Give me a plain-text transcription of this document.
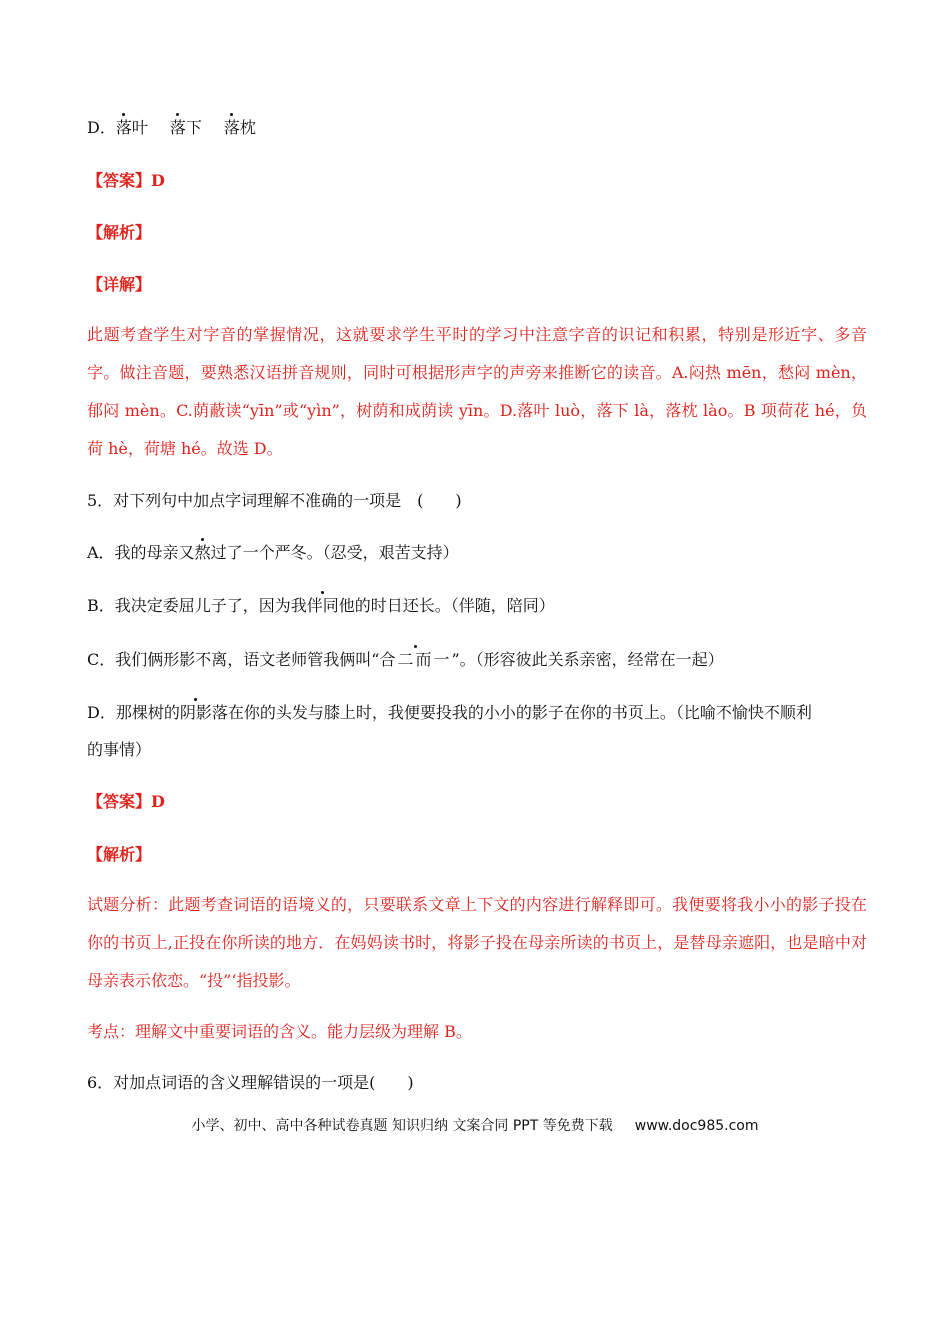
D．落叶 落下 落枕
【答案】D
【解析】
【详解】
此题考查学生对字音的掌握情况，这就要求学生平时的学习中注意字音的识记和积累，特别是形近字、多音字。做注音题，要熟悉汉语拼音规则，同时可根据形声字的声旁来推断它的读音。A.闷热 mēn，愁闷 mèn，郁闷 mèn。C.荫蔽读“yīn”或“yìn”，树荫和成荫读 yīn。D.落叶 luò，落下 là，落枕 lào。B 项荷花 hé，负荷 hè，荷塘 hé。故选 D。
5．对下列句中加点字词理解不准确的一项是　(　　)
A．我的母亲又熬过了一个严冬。（忍受，艰苦支持）
B．我决定委屈儿子了，因为我伴同他的时日还长。（伴随，陪同）
C．我们俩形影不离，语文老师管我俩叫“合二而一”。（形容彼此关系亲密，经常在一起）
D．那棵树的阴影落在你的头发与膝上时，我便要投我的小小的影子在你的书页上。（比喻不愉快不顺利
的事情）
【答案】D
【解析】
试题分析：此题考查词语的语境义的，只要联系文章上下文的内容进行解释即可。我便要将我小小的影子投在你的书页上,正投在你所读的地方．在妈妈读书时，将影子投在母亲所读的书页上，是替母亲遮阳，也是暗中对母亲表示依恋。“投”‘指投影。
考点：理解文中重要词语的含义。能力层级为理解 B。
6．对加点词语的含义理解错误的一项是(　　)
小学、初中、高中各种试卷真题 知识归纳 文案合同 PPT 等免费下载 www.doc985.com
